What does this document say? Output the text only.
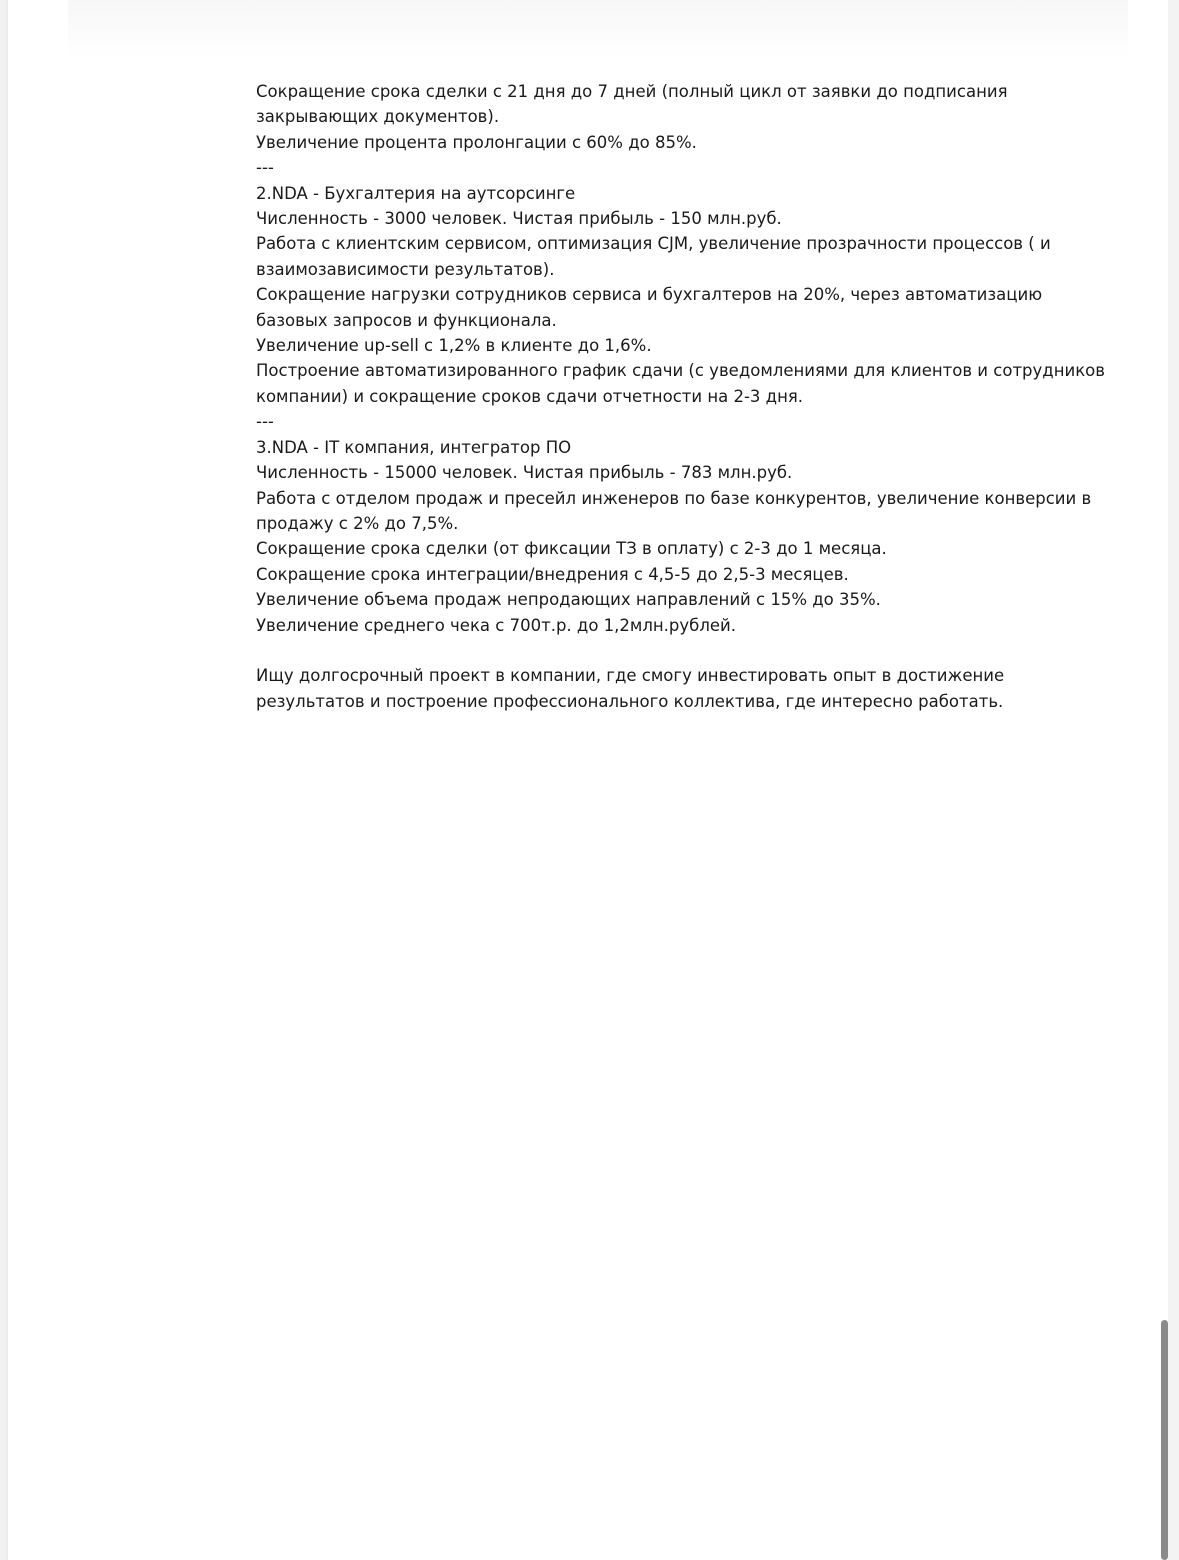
Сокращение срока сделки с 21 дня до 7 дней (полный цикл от заявки до подписания закрывающих документов).

Увеличение процента пролонгации с 60% до 85%.

---

2.NDA - Бухгалтерия на аутсорсинге

Численность - 3000 человек. Чистая прибыль - 150 млн.руб.

Работа с клиентским сервисом, оптимизация CJM, увеличение прозрачности процессов ( и взаимозависимости результатов).

Сокращение нагрузки сотрудников сервиса и бухгалтеров на 20%, через автоматизацию базовых запросов и функционала.

Увеличение up-sell с 1,2% в клиенте до 1,6%.

Построение автоматизированного график сдачи (с уведомлениями для клиентов и сотрудников компании) и сокращение сроков сдачи отчетности на 2-3 дня.

---

3.NDA - IT компания, интегратор ПО

Численность - 15000 человек. Чистая прибыль - 783 млн.руб.

Работа с отделом продаж и пресейл инженеров по базе конкурентов, увеличение конверсии в продажу с 2% до 7,5%.

Сокращение срока сделки (от фиксации ТЗ в оплату) с 2-3 до 1 месяца.

Сокращение срока интеграции/внедрения с 4,5-5 до 2,5-3 месяцев.

Увеличение объема продаж непродающих направлений с 15% до 35%.

Увеличение среднего чека с 700т.р. до 1,2млн.рублей.

Ищу долгосрочный проект в компании, где смогу инвестировать опыт в достижение результатов и построение профессионального коллектива, где интересно работать.
